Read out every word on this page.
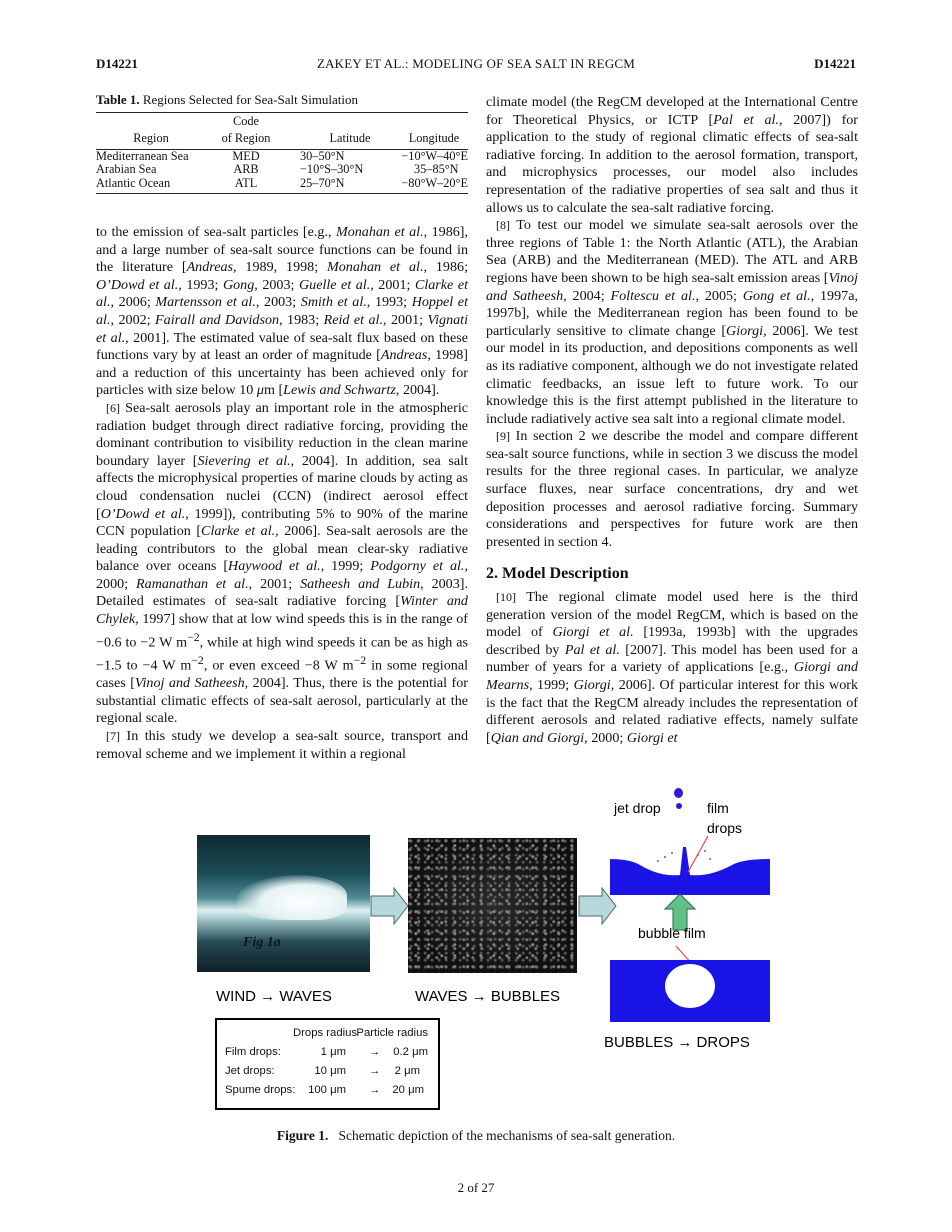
D14221	ZAKEY ET AL.: MODELING OF SEA SALT IN REGCM	D14221
Table 1. Regions Selected for Sea-Salt Simulation
	Code		
Region	of Region	Latitude	Longitude
Mediterranean Sea	MED	30–50°N	−10°W–40°E
Arabian Sea	ARB	−10°S–30°N	35–85°N
Atlantic Ocean	ATL	25–70°N	−80°W–20°E

to the emission of sea-salt particles [e.g., Monahan et al., 1986], and a large number of sea-salt source functions can be found in the literature [Andreas, 1989, 1998; Monahan et al., 1986; O’Dowd et al., 1993; Gong, 2003; Guelle et al., 2001; Clarke et al., 2006; Martensson et al., 2003; Smith et al., 1993; Hoppel et al., 2002; Fairall and Davidson, 1983; Reid et al., 2001; Vignati et al., 2001]. The estimated value of sea-salt flux based on these functions vary by at least an order of magnitude [Andreas, 1998] and a reduction of this uncertainty has been achieved only for particles with size below 10 μm [Lewis and Schwartz, 2004].

[6] Sea-salt aerosols play an important role in the atmospheric radiation budget through direct radiative forcing, providing the dominant contribution to visibility reduction in the clean marine boundary layer [Sievering et al., 2004]. In addition, sea salt affects the microphysical properties of marine clouds by acting as cloud condensation nuclei (CCN) (indirect aerosol effect [O’Dowd et al., 1999]), contributing 5% to 90% of the marine CCN population [Clarke et al., 2006]. Sea-salt aerosols are the leading contributors to the global mean clear-sky radiative balance over oceans [Haywood et al., 1999; Podgorny et al., 2000; Ramanathan et al., 2001; Satheesh and Lubin, 2003]. Detailed estimates of sea-salt radiative forcing [Winter and Chylek, 1997] show that at low wind speeds this is in the range of −0.6 to −2 W $m^{-2}$, while at high wind speeds it can be as high as −1.5 to −4 W $m^{-2}$, or even exceed −8 W $m^{-2}$ in some regional cases [Vinoj and Satheesh, 2004]. Thus, there is the potential for substantial climatic effects of sea-salt aerosol, particularly at the regional scale.

[7] In this study we develop a sea-salt source, transport and removal scheme and we implement it within a regional

climate model (the RegCM developed at the International Centre for Theoretical Physics, or ICTP [Pal et al., 2007]) for application to the study of regional climatic effects of sea-salt radiative forcing. In addition to the aerosol formation, transport, and microphysics processes, our model also includes representation of the radiative properties of sea salt and thus it allows us to calculate the sea-salt radiative forcing.

[8] To test our model we simulate sea-salt aerosols over the three regions of Table 1: the North Atlantic (ATL), the Arabian Sea (ARB) and the Mediterranean (MED). The ATL and ARB regions have been shown to be high sea-salt emission areas [Vinoj and Satheesh, 2004; Foltescu et al., 2005; Gong et al., 1997a, 1997b], while the Mediterranean region has been found to be particularly sensitive to climate change [Giorgi, 2006]. We test our model in its production, and depositions components as well as its radiative component, although we do not investigate related climatic feedbacks, an issue left to future work. To our knowledge this is the first attempt published in the literature to include radiatively active sea salt into a regional climate model.

[9] In section 2 we describe the model and compare different sea-salt source functions, while in section 3 we discuss the model results for the three regional cases. In particular, we analyze surface fluxes, near surface concentrations, dry and wet deposition processes and aerosol radiative forcing. Summary considerations and perspectives for future work are then presented in section 4.

2. Model Description

[10] The regional climate model used here is the third generation version of the model RegCM, which is based on the model of Giorgi et al. [1993a, 1993b] with the upgrades described by Pal et al. [2007]. This model has been used for a number of years for a variety of applications [e.g., Giorgi and Mearns, 1999; Giorgi, 2006]. Of particular interest for this work is the fact that the RegCM already includes the representation of different aerosols and related radiative effects, namely sulfate [Qian and Giorgi, 2000; Giorgi et

Fig 1a
jet drop	film
drops
bubble film
WIND → WAVES	WAVES → BUBBLES
BUBBLES → DROPS
Drops radius Particle radius
Film drops:	1 μm → 0.2 μm
Jet drops:	10 μm → 2 μm
Spume drops: 100 μm → 20 μm
Figure 1. Schematic depiction of the mechanisms of sea-salt generation.
2 of 27
